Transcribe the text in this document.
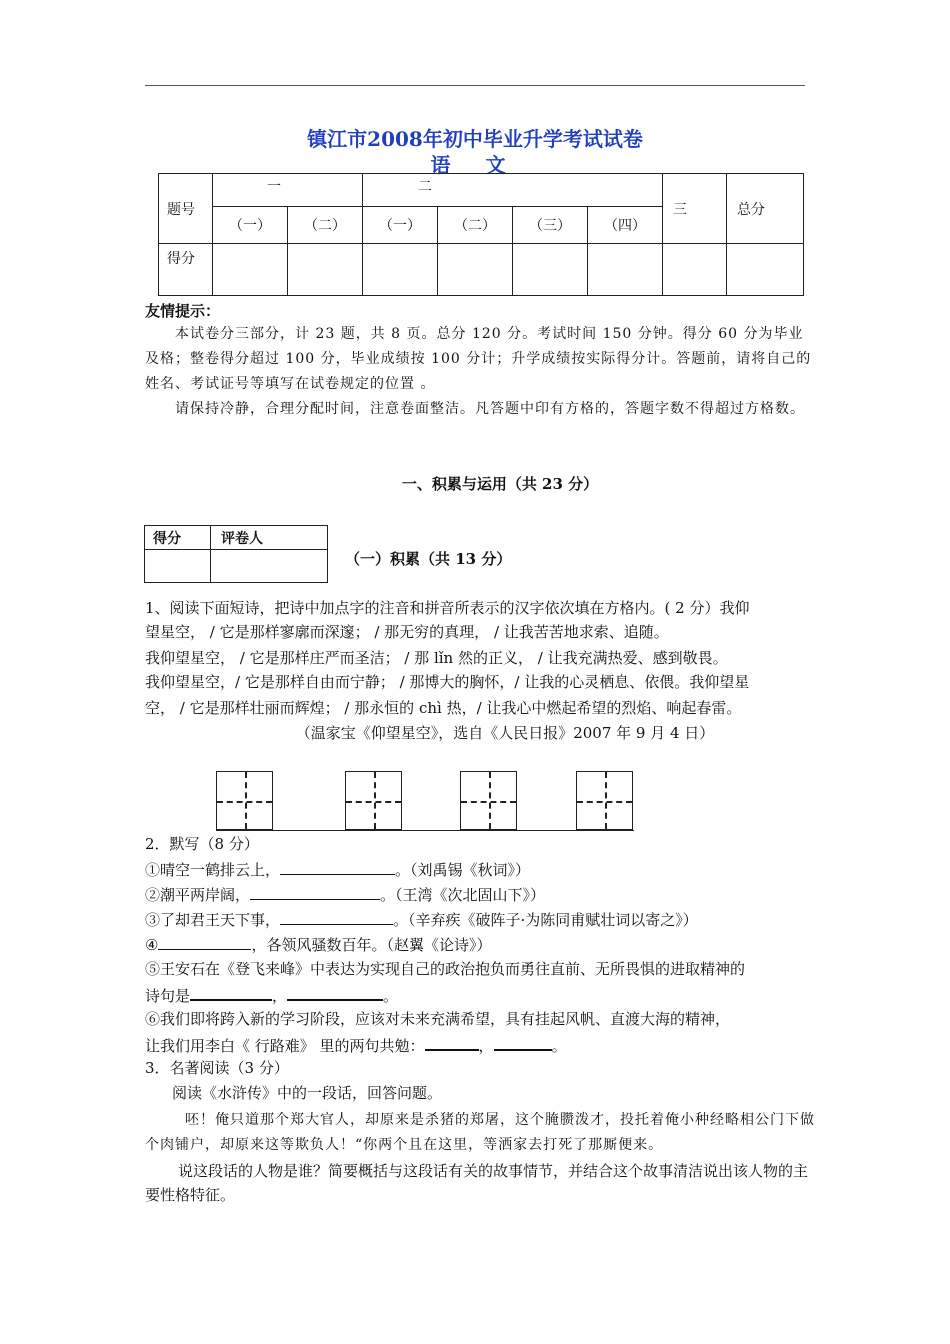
镇江市2008年初中毕业升学考试试卷
语 文
题号	一		二				三	总分
	（一）	（二）	（一）	（二）	（三）	（四）		
得分								
友情提示：
本试卷分三部分，计 23 题，共 8 页。总分 120 分。考试时间 150 分钟。得分 60 分为毕业及格；整卷得分超过 100 分，毕业成绩按 100 分计；升学成绩按实际得分计。答题前，请将自己的姓名、考试证号等填写在试卷规定的位置 。
请保持冷静，合理分配时间，注意卷面整洁。凡答题中印有方格的，答题字数不得超过方格数。
一、积累与运用（共 23 分）
得分	评卷人

（一）积累（共 13 分）
1、阅读下面短诗，把诗中加点字的注音和拼音所表示的汉字依次填在方格内。( 2 分）我仰
望星空， / 它是那样寥廓而深邃； / 那无穷的真理， / 让我苦苦地求索、追随。
我仰望星空， / 它是那样庄严而圣洁； / 那 lǐn 然的正义， / 让我充满热爱、感到敬畏。
我仰望星空，/ 它是那样自由而宁静； / 那博大的胸怀，/ 让我的心灵栖息、依偎。我仰望星
空， / 它是那样壮丽而辉煌； / 那永恒的 chì 热，/ 让我心中燃起希望的烈焰、响起春雷。
（温家宝《仰望星空》，选自《人民日报》2007 年 9 月 4 日）
2．默写（8 分）
①晴空一鹤排云上，	。（刘禹锡《秋词》）
②潮平两岸阔，	。（王湾《次北固山下》）
③了却君王天下事，	。（辛弃疾《破阵子·为陈同甫赋壮词以寄之》）
④	，各领风骚数百年。（赵翼《论诗》）
⑤王安石在《登飞来峰》中表达为实现自己的政治抱负而勇往直前、无所畏惧的进取精神的
诗句是	，	。
⑥我们即将跨入新的学习阶段，应该对未来充满希望，具有挂起风帆、直渡大海的精神，
让我们用李白《 行路难》 里的两句共勉：	，	。
3．名著阅读（3 分）
阅读《水浒传》中的一段话，回答问题。
呸！俺只道那个郑大官人，却原来是杀猪的郑屠，这个腌臜泼才，投托着俺小种经略相公门下做个肉铺户，却原来这等欺负人！“你两个且在这里，等洒家去打死了那厮便来。
说这段话的人物是谁？简要概括与这段话有关的故事情节，并结合这个故事清洁说出该人物的主要性格特征。
